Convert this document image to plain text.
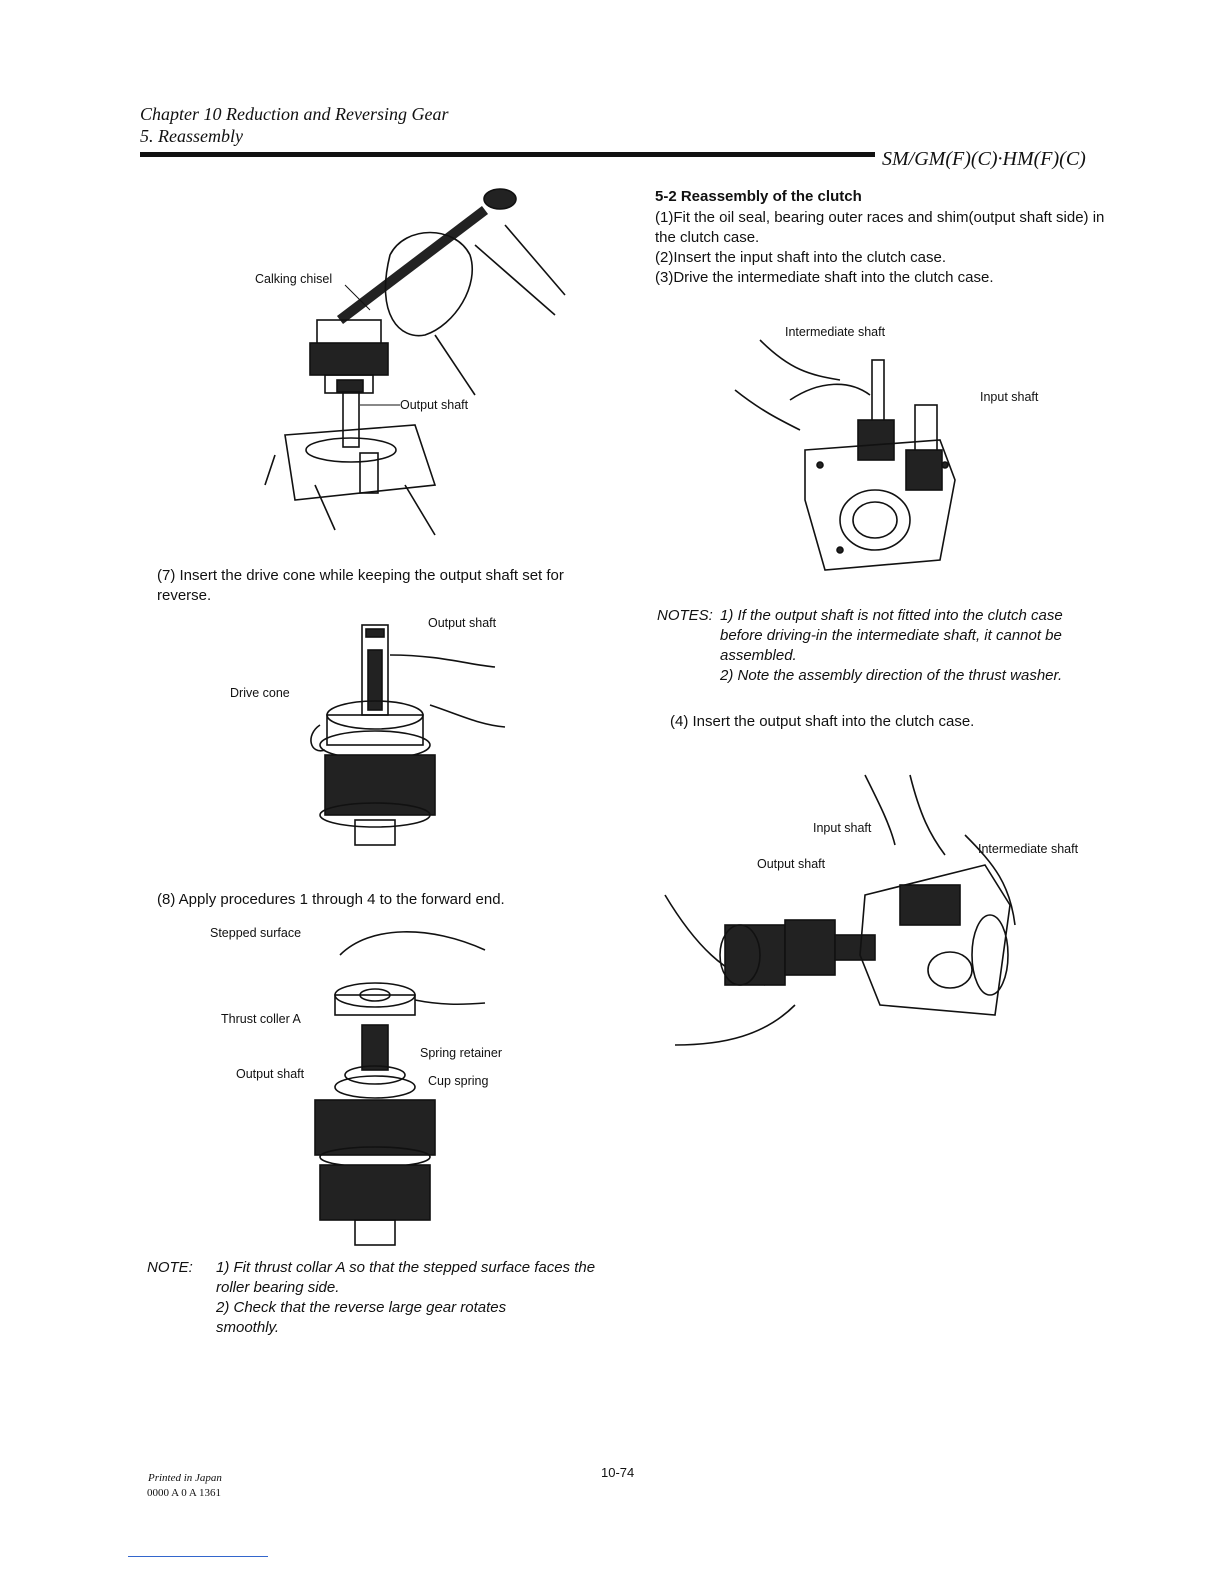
Chapter 10 Reduction and Reversing Gear
5. Reassembly
SM/GM(F)(C)·HM(F)(C)
Calking chisel
Output shaft
(7) Insert the drive cone while keeping the output shaft set for reverse.
Output shaft
Drive cone
(8) Apply procedures 1 through 4 to the forward end.
Stepped surface
Thrust coller A
Output shaft
Spring retainer
Cup spring
NOTE: 1) Fit thrust collar A so that the stepped surface faces the roller bearing side.
2) Check that the reverse large gear rotates smoothly.
5-2 Reassembly of the clutch
(1)Fit the oil seal, bearing outer races and shim(output shaft side) in the clutch case.
(2)Insert the input shaft into the clutch case.
(3)Drive the intermediate shaft into the clutch case.
Intermediate shaft
Input shaft
NOTES: 1) If the output shaft is not fitted into the clutch case before driving-in the intermediate shaft, it cannot be assembled.
2) Note the assembly direction of the thrust washer.
(4) Insert the output shaft into the clutch case.
Input shaft
Output shaft
Intermediate shaft
Printed in Japan
0000 A 0 A 1361
10-74
